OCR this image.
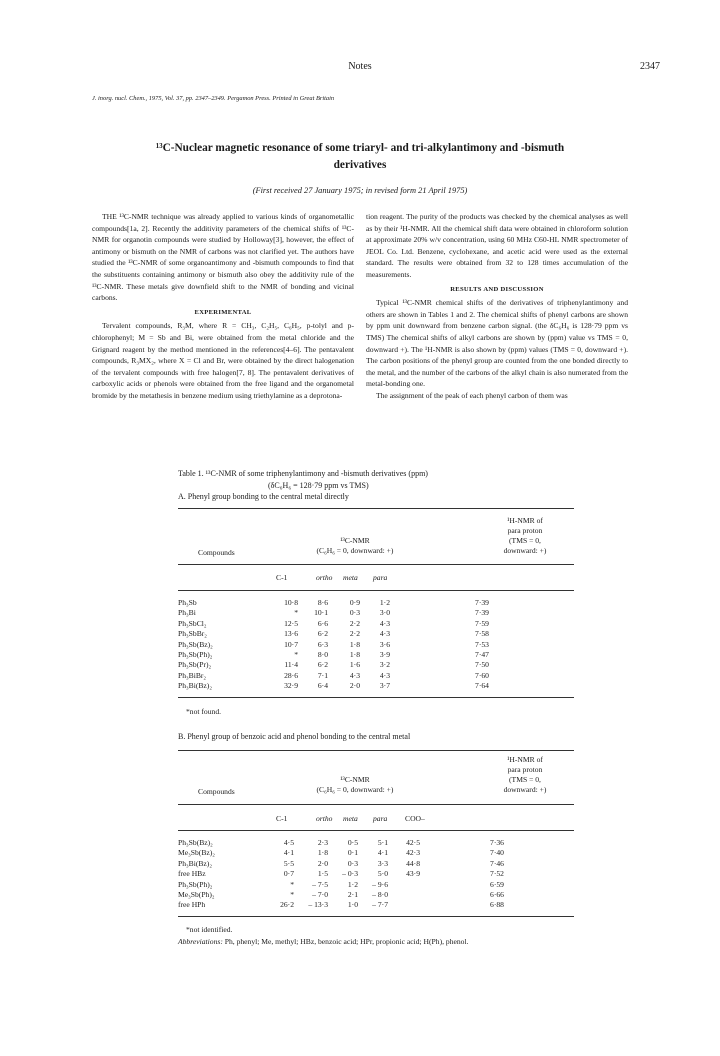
Notes	2347
J. inorg. nucl. Chem., 1975, Vol. 37, pp. 2347–2349. Pergamon Press. Printed in Great Britain
¹³C-Nuclear magnetic resonance of some triaryl- and tri-alkylantimony and -bismuth
derivatives
(First received 27 January 1975; in revised form 21 April 1975)

THE ¹³C-NMR technique was already applied to various kinds of organometallic compounds[1a, 2]. Recently the additivity parameters of the chemical shifts of ¹³C-NMR for organotin compounds were studied by Holloway[3], however, the effect of antimony or bismuth on the NMR of carbons was not clarified yet. The authors have studied the ¹³C-NMR of some organoantimony and -bismuth compounds to find that the substituents containing antimony or bismuth also obey the additivity rule of the ¹³C-NMR. These metals give downfield shift to the NMR of bonding and vicinal carbons.

EXPERIMENTAL

Tervalent compounds, R₃M, where R = CH₃, C₂H₅, C₆H₅, p-tolyl and p-chlorophenyl; M = Sb and Bi, were obtained from the metal chloride and the Grignard reagent by the method mentioned in the references[4–6]. The pentavalent compounds, R₃MX₂, where X = Cl and Br, were obtained by the direct halogenation of the tervalent compounds with free halogen[7, 8]. The pentavalent derivatives of carboxylic acids or phenols were obtained from the free ligand and the organometal bromide by the metathesis in benzene medium using triethylamine as a deprotona-

tion reagent. The purity of the products was checked by the chemical analyses as well as by their ¹H-NMR. All the chemical shift data were obtained in chloroform solution at approximate 20% w/v concentration, using 60 MHz C60-HL NMR spectrometer of JEOL Co. Ltd. Benzene, cyclohexane, and acetic acid were used as the external standard. The results were obtained from 32 to 128 times accumulation of the measurements.

RESULTS AND DISCUSSION

Typical ¹³C-NMR chemical shifts of the derivatives of triphenylantimony and others are shown in Tables 1 and 2. The chemical shifts of phenyl carbons are shown by ppm unit downward from benzene carbon signal. (the δC₆H₆ is 128·79 ppm vs TMS) The chemical shifts of alkyl carbons are shown by (ppm) value vs TMS = 0, downward +). The ¹H-NMR is also shown by (ppm) values (TMS = 0, downward +). The carbon positions of the phenyl group are counted from the one bonded directly to the metal, and the number of the carbons of the alkyl chain is also numerated from the metal-bonding one.

The assignment of the peak of each phenyl carbon of them was

Table 1. ¹³C-NMR of some triphenylantimony and -bismuth derivatives (ppm)
(δC₆H₆ = 128·79 ppm vs TMS)
A. Phenyl group bonding to the central metal directly
¹H-NMR of
para proton
(TMS = 0,
downward: +)
¹³C-NMR
(C₆H₆ = 0, downward: +)
Compounds
C-1	ortho meta para
Ph₃Sb	10·8	8·6	0·9	1·2	7·39
Ph₃Bi	*	10·1	0·3	3·0	7·39
Ph₃SbCl₂	12·5	6·6	2·2	4·3	7·59
Ph₃SbBr₂	13·6	6·2	2·2	4·3	7·58
Ph₃Sb(Bz)₂	10·7	6·3	1·8	3·6	7·53
Ph₃Sb(Ph)₂	*	8·0	1·8	3·9	7·47
Ph₃Sb(Pr)₂	11·4	6·2	1·6	3·2	7·50
Ph₃BiBr₂	28·6	7·1	4·3	4·3	7·60
Ph₃Bi(Bz)₂	32·9	6·4	2·0	3·7	7·64
*not found.
B. Phenyl group of benzoic acid and phenol bonding to the central metal
¹H-NMR of
para proton
(TMS = 0,
downward: +)
¹³C-NMR
(C₆H₆ = 0, downward: +)
Compounds
C-1	ortho meta para COO–
Ph₃Sb(Bz)₂	4·5	2·3	0·5	5·1	42·5	7·36
Me₃Sb(Bz)₂	4·1	1·8	0·1	4·1	42·3	7·40
Ph₃Bi(Bz)₂	5·5	2·0	0·3	3·3	44·8	7·46
free HBz	0·7	1·5	– 0·3	5·0	43·9	7·52
Ph₃Sb(Ph)₂	*	– 7·5	1·2	– 9·6		6·59
Me₃Sb(Ph)₂	*	– 7·0	2·1	– 8·0		6·66
free HPh	26·2	– 13·3	1·0	– 7·7		6·88
*not identified.
Abbreviations: Ph, phenyl; Me, methyl; HBz, benzoic acid; HPr, propionic acid; H(Ph), phenol.
